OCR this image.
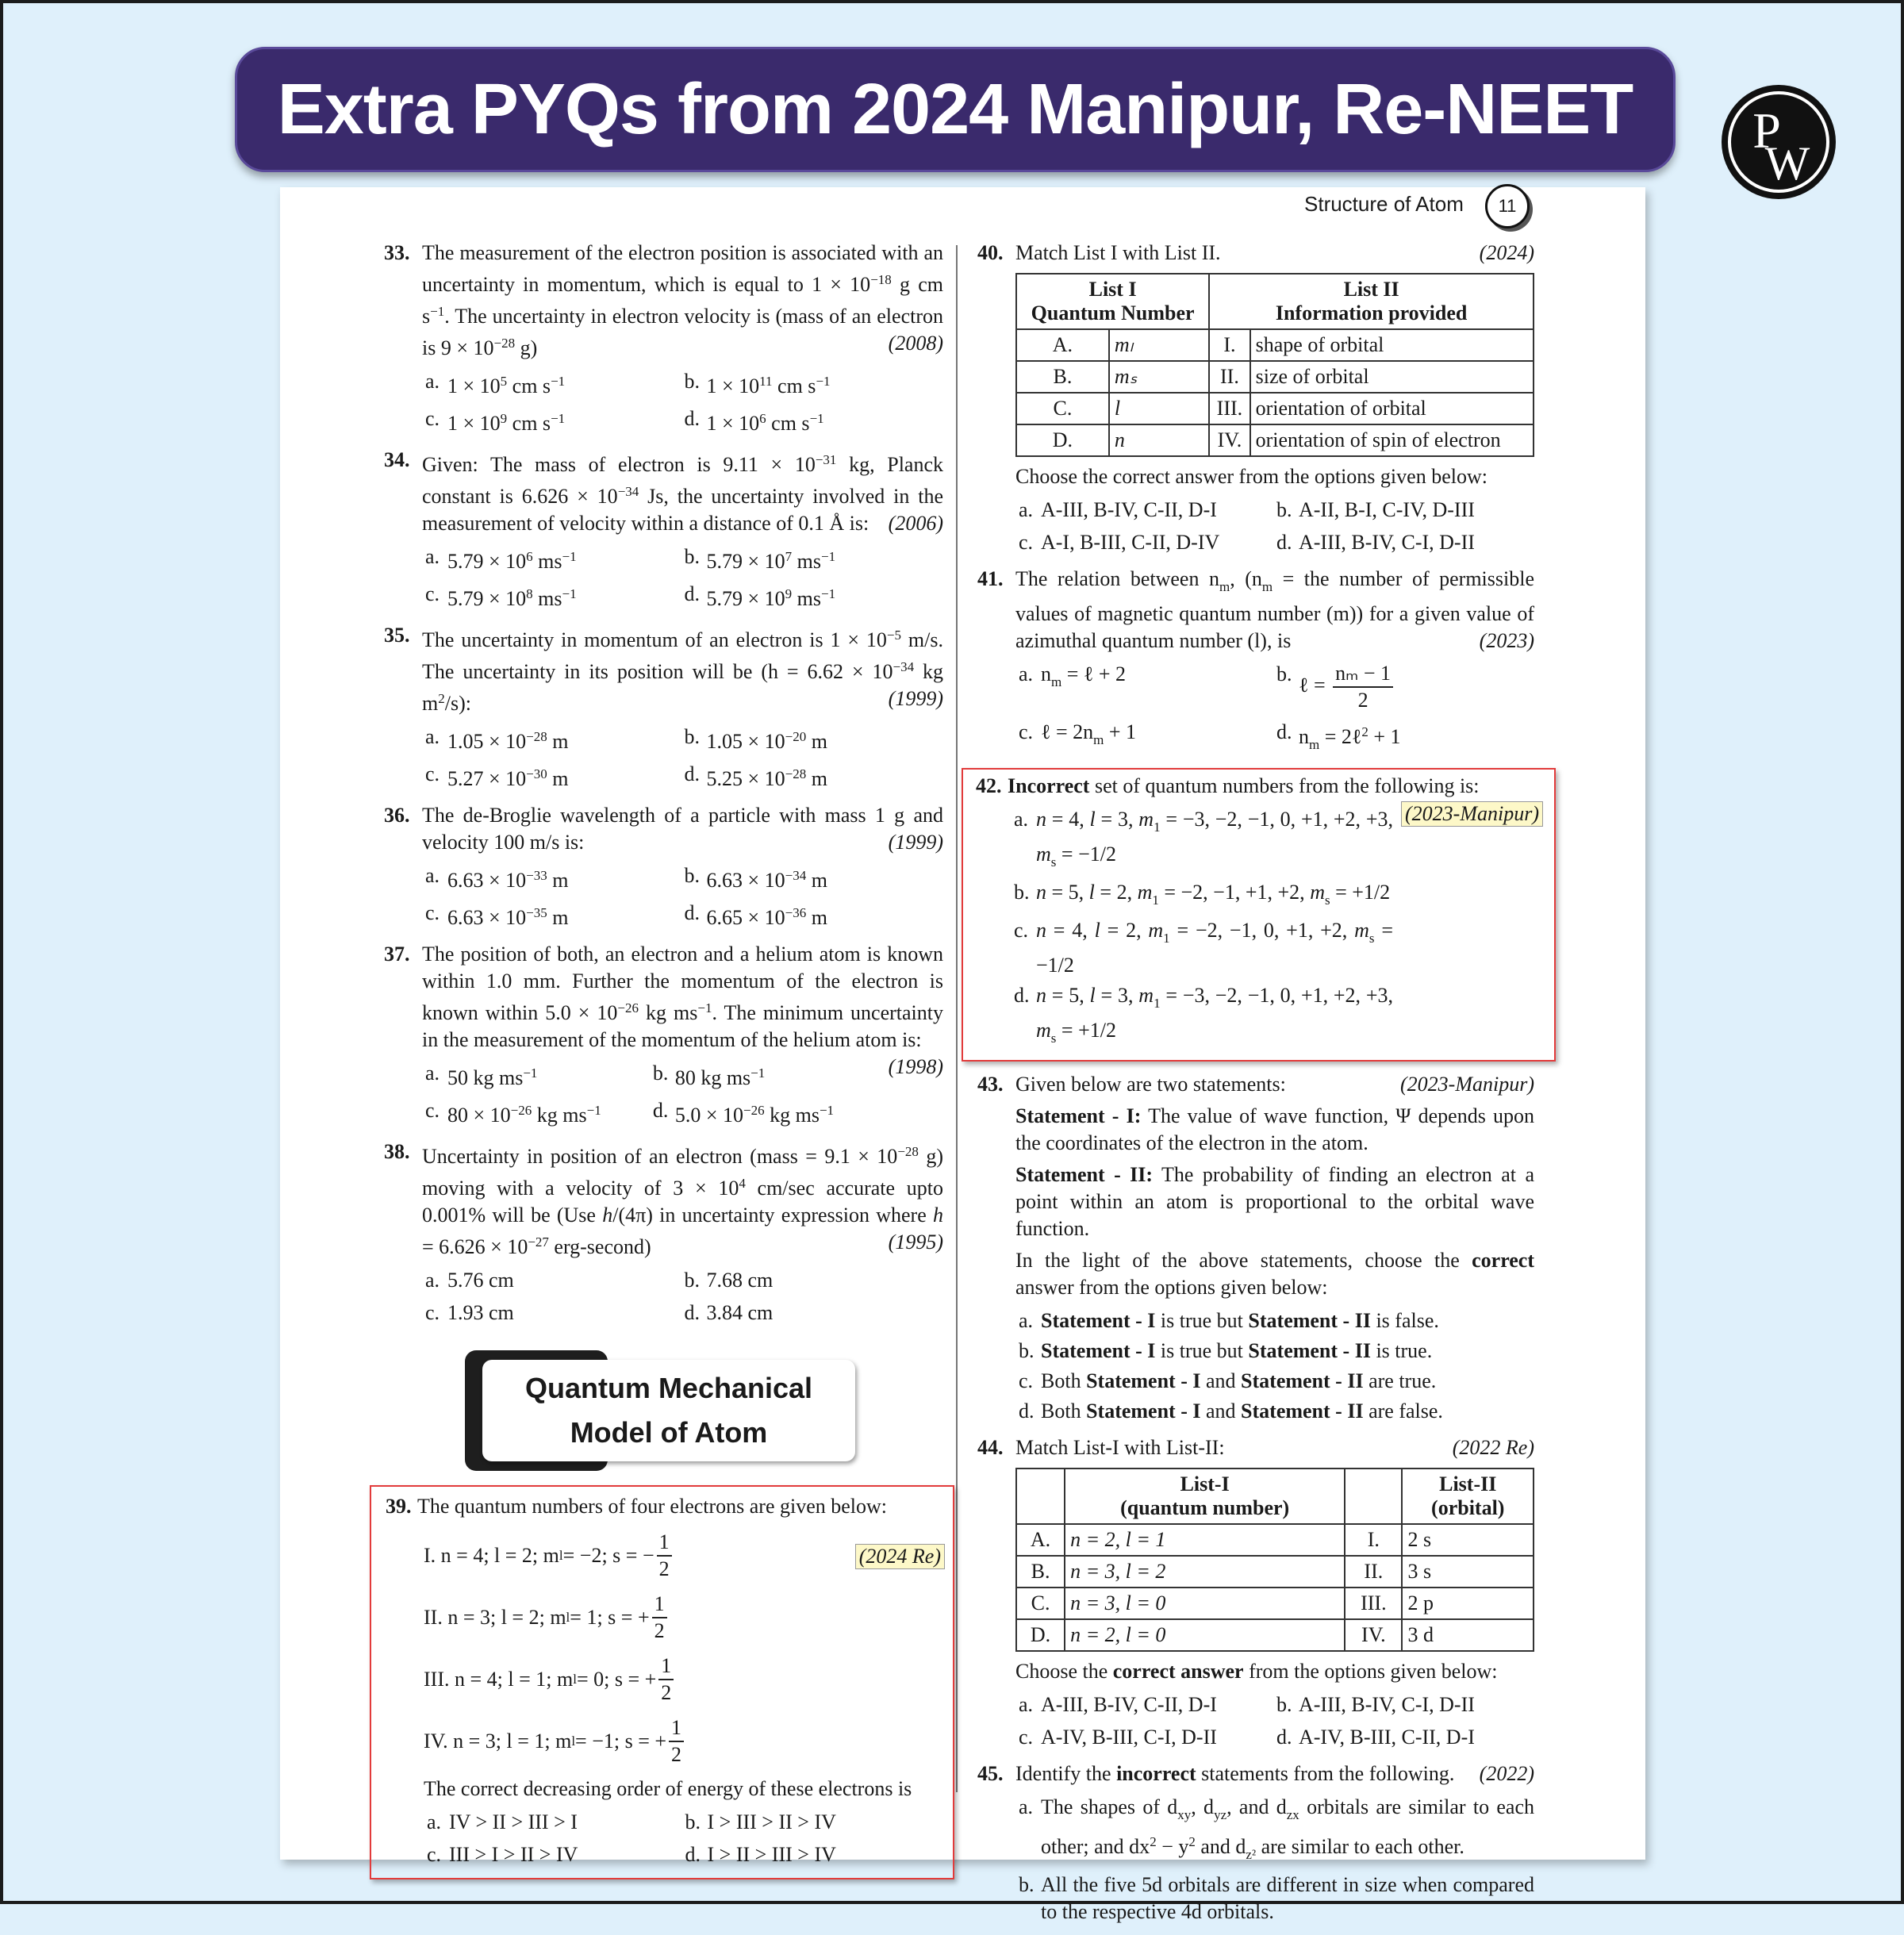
Extra PYQs from 2024 Manipur, Re-NEET P
W
Structure of Atom	11
33. The measurement of the electron position is associated with an uncertainty in momentum, which is equal to $1 \times 10^{-18}$ g cm $s^{-1}$. The uncertainty in electron velocity is (mass of an electron is $9 \times 10^{-28}$ g)	(2008)
a. $1 \times 10^5$ cm $s^{-1}$	b. $1 \times 10^{11}$ cm $s^{-1}$
c. $1 \times 10^9$ cm $s^{-1}$	d. $1 \times 10^6$ cm $s^{-1}$
34. Given: The mass of electron is $9.11 \times 10^{-31}$ kg, Planck constant is $6.626 \times 10^{-34}$ Js, the uncertainty involved in the measurement of velocity within a distance of 0.1 Å is: (2006)
a. $5.79 \times 10^6$ $ms^{-1}$	b. $5.79 \times 10^7$ $ms^{-1}$
c. $5.79 \times 10^8$ $ms^{-1}$	d. $5.79 \times 10^9$ $ms^{-1}$
35. The uncertainty in momentum of an electron is $1 \times 10^{-5}$ m/s. The uncertainty in its position will be ($h = 6.62 \times 10^{-34}$ kg $m^2/s$):	(1999)
a. $1.05 \times 10^{-28}$ m	b. $1.05 \times 10^{-20}$ m
c. $5.27 \times 10^{-30}$ m	d. $5.25 \times 10^{-28}$ m
36. The de-Broglie wavelength of a particle with mass 1 g and velocity 100 m/s is:	(1999)
a. $6.63 \times 10^{-33}$ m	b. $6.63 \times 10^{-34}$ m
c. $6.63 \times 10^{-35}$ m	d. $6.65 \times 10^{-36}$ m
37. The position of both, an electron and a helium atom is known within 1.0 mm. Further the momentum of the electron is known within $5.0 \times 10^{-26}$ kg $ms^{-1}$. The minimum uncertainty in the measurement of the momentum of the helium atom is:
(1998)
a. 50 kg $ms^{-1}$	b. 80 kg $ms^{-1}$
c. $80 \times 10^{-26}$ kg $ms^{-1}$	d. $5.0 \times 10^{-26}$ kg $ms^{-1}$
38. Uncertainty in position of an electron (mass = $9.1 \times 10^{-28}$ g) moving with a velocity of $3 \times 10^4$ cm/sec accurate upto 0.001% will be (Use h/(4π) in uncertainty expression where $h = 6.626 \times 10^{-27}$ erg-second)	(1995)
a. 5.76 cm	b. 7.68 cm
c. 1.93 cm	d. 3.84 cm
Quantum Mechanical
Model of Atom
39. The quantum numbers of four electrons are given below:
(2024 Re)
I. n = 4; l = 2; m l = −2; s = − $\frac{1}{2}$
II. n = 3; l = 2; m l = 1; s = + $\frac{1}{2}$
III. n = 4; l = 1; m l = 0; s = + $\frac{1}{2}$
IV. n = 3; l = 1; m l = −1; s = + $\frac{1}{2}$
The correct decreasing order of energy of these electrons is
a. IV > II > III > I	b. I > III > II > IV
c. III > I > II > IV	d. I > II > III > IV
40. Match List I with List II.	(2024)
List I
Quantum Number		List II
Information provided	
A.	mₗ	I.	shape of orbital
B.	mₛ	II.	size of orbital
C.	l	III.	orientation of orbital
D.	n	IV.	orientation of spin of electron
Choose the correct answer from the options given below:
a. A-III, B-IV, C-II, D-I	b. A-II, B-I, C-IV, D-III
c. A-I, B-III, C-II, D-IV	d. A-III, B-IV, C-I, D-II
41. The relation between $n_m$, ($n_m$ = the number of permissible values of magnetic quantum number (m)) for a given value of azimuthal quantum number (l), is	(2023)
a. $n_m$ = ℓ + 2	b. ℓ = $\frac{\text{nₘ − 1}}{2}$
c. ℓ = $2n_m + 1$	d. $n_m$ = 2ℓ$^2$ + 1
42. Incorrect set of quantum numbers from the following is:
(2023-Manipur)
a. n = 4, l = 3, $m_1 = -3$, −2, −1, 0, +1, +2, +3, $m_s = -1/2$
b. n = 5, l = 2, $m_1 = -2$, −1, +1, +2, $m_s = +1/2$
c. n = 4, l = 2, $m_1 = -2$, −1, 0, +1, +2, $m_s = -1/2$
d. n = 5, l = 3, $m_1 = -3$, −2, −1, 0, +1, +2, +3, $m_s = +1/2$
43. Given below are two statements:	(2023-Manipur)
Statement - I: The value of wave function, Ψ depends upon the coordinates of the electron in the atom.
Statement - II: The probability of finding an electron at a point within an atom is proportional to the orbital wave function.
In the light of the above statements, choose the correct answer from the options given below:
a. Statement - I is true but Statement - II is false.
b. Statement - I is true but Statement - II is true.
c. Both Statement - I and Statement - II are true.
d. Both Statement - I and Statement - II are false.
44. Match List-I with List-II:	(2022 Re)
	List-I
(quantum number)		List-II
(orbital)
A.	n = 2, l = 1	I.	2 s
B.	n = 3, l = 2	II.	3 s
C.	n = 3, l = 0	III.	2 p
D.	n = 2, l = 0	IV.	3 d
Choose the correct answer from the options given below:
a. A-III, B-IV, C-II, D-I	b. A-III, B-IV, C-I, D-II
c. A-IV, B-III, C-I, D-II	d. A-IV, B-III, C-II, D-I
45. Identify the incorrect statements from the following. (2022)
a. The shapes of $d_{xy}$, $d_{yz}$, and $d_{zx}$ orbitals are similar to each other; and $dx^2 - y^2$ and $d_{z^2}$ are similar to each other.
b. All the five 5d orbitals are different in size when compared to the respective 4d orbitals.
